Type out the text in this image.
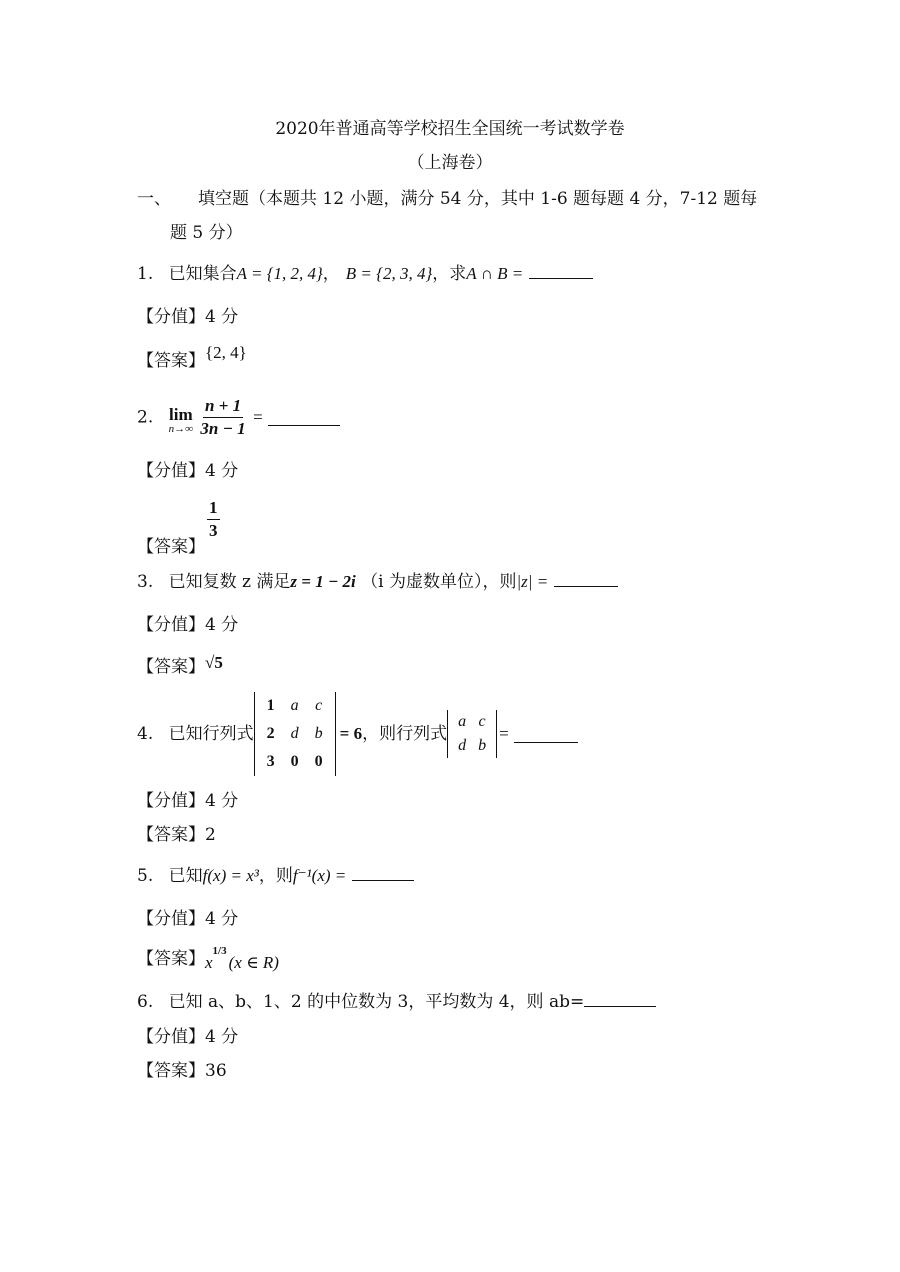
2020年普通高等学校招生全国统一考试数学卷
（上海卷）
一、 填空题（本题共 12 小题，满分 54 分，其中 1-6 题每题 4 分，7-12 题每
题 5 分）
1. 已知集合A = {1, 2, 4}， B = {2, 3, 4}，求A ∩ B =
【分值】4 分
【答案】{2, 4}
2. lim
n→∞
$\frac{n + 1}{3n - 1}$ =
【分值】4 分
【答案】
$\frac{1}{3}$
3. 已知复数 z 满足z = 1 − 2i （i 为虚数单位），则|z| =
【分值】4 分
【答案】√5
4. 已知行列式
1	a	c
2	d	b
3	0	0
= 6，则行列式
a	c
d	b
=
【分值】4 分
【答案】2
5. 已知f(x) = x³，则f⁻¹(x) =
【分值】4 分
【答案】$x^{1/3}(x$ ∈ R)
6. 已知 a、b、1、2 的中位数为 3，平均数为 4，则 ab=
【分值】4 分
【答案】36
